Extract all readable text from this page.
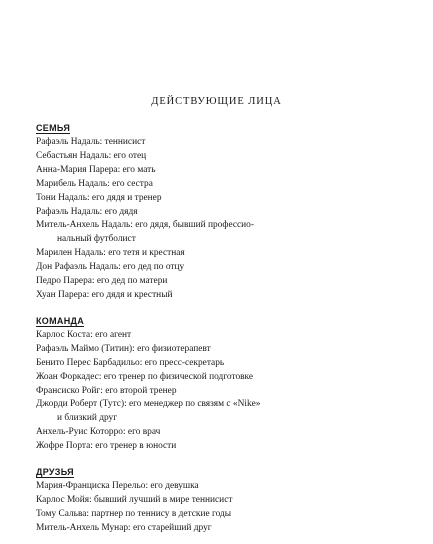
ДЕЙСТВУЮЩИЕ ЛИЦА
СЕМЬЯ
Рафаэль Надаль: теннисист
Себастьян Надаль: его отец
Анна-Мария Парера: его мать
Марибель Надаль: его сестра
Тони Надаль: его дядя и тренер
Рафаэль Надаль: его дядя
Митель-Анхель Надаль: его дядя, бывший профессио-
нальный футболист
Марилен Надаль: его тетя и крестная
Дон Рафаэль Надаль: его дед по отцу
Педро Парера: его дед по матери
Хуан Парера: его дядя и крестный
КОМАНДА
Карлос Коста: его агент
Рафаэль Маймо (Титин): его физиотерапевт
Бенито Перес Барбадильо: его пресс-секретарь
Жоан Форкадес: его тренер по физической подготовке
Франсиско Ройг: его второй тренер
Джорди Роберт (Тутс): его менеджер по связям с «Nike»
и близкий друг
Анхель-Руис Которро: его врач
Жофре Порта: его тренер в юности
ДРУЗЬЯ
Мария-Франциска Перельо: его девушка
Карлос Мойя: бывший лучший в мире теннисист
Тому Сальва: партнер по теннису в детские годы
Митель-Анхель Мунар: его старейший друг
